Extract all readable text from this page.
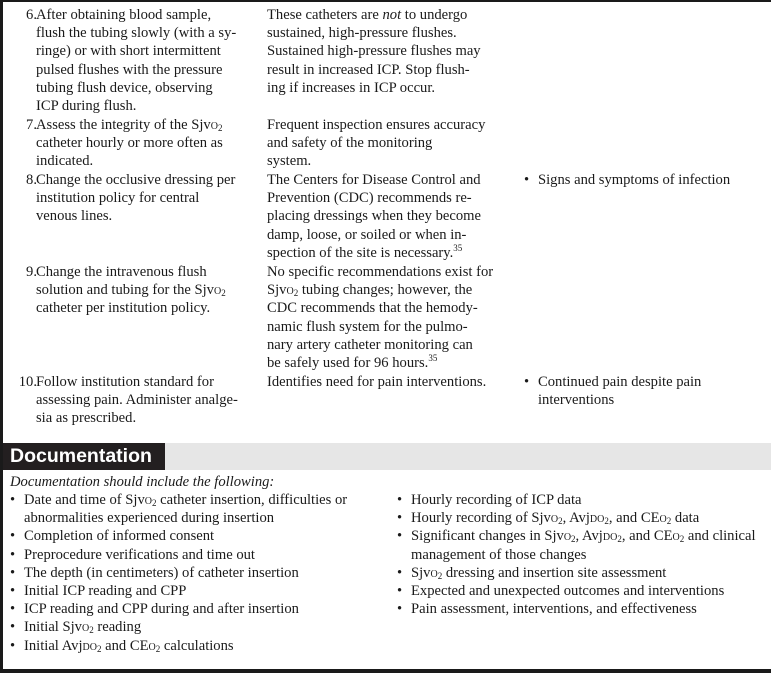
6. After obtaining blood sample,
flush the tubing slowly (with a sy-
ringe) or with short intermittent
pulsed flushes with the pressure
tubing flush device, observing
ICP during flush.
These catheters are not to undergo
sustained, high-pressure flushes.
Sustained high-pressure flushes may
result in increased ICP. Stop flush-
ing if increases in ICP occur.
7. Assess the integrity of the Sjvo$_2$
catheter hourly or more often as
indicated.
Frequent inspection ensures accuracy
and safety of the monitoring
system.
8. Change the occlusive dressing per
institution policy for central
venous lines.
The Centers for Disease Control and
Prevention (CDC) recommends re-
placing dressings when they become
damp, loose, or soiled or when in-
spection of the site is necessary.$^{35}$
• Signs and symptoms of infection
9. Change the intravenous flush
solution and tubing for the Sjvo$_2$
catheter per institution policy.
No specific recommendations exist for
Sjvo$_2$ tubing changes; however, the
CDC recommends that the hemody-
namic flush system for the pulmo-
nary artery catheter monitoring can
be safely used for 96 hours.$^{35}$
10. Follow institution standard for
assessing pain. Administer analge-
sia as prescribed.
Identifies need for pain interventions.	• Continued pain despite pain
interventions
Documentation
Documentation should include the following:
• Date and time of Sjvo$_2$ catheter insertion, difficulties or abnormalities experienced during insertion
• Completion of informed consent
• Preprocedure verifications and time out
• The depth (in centimeters) of catheter insertion
• Initial ICP reading and CPP
• ICP reading and CPP during and after insertion
• Initial Sjvo$_2$ reading
• Initial Avjdo$_2$ and CEo$_2$ calculations
• Hourly recording of ICP data
• Hourly recording of Sjvo$_2$, Avjdo$_2$, and CEo$_2$ data
• Significant changes in Sjvo$_2$, Avjdo$_2$, and CEo$_2$ and clinical management of those changes
• Sjvo$_2$ dressing and insertion site assessment
• Expected and unexpected outcomes and interventions
• Pain assessment, interventions, and effectiveness
